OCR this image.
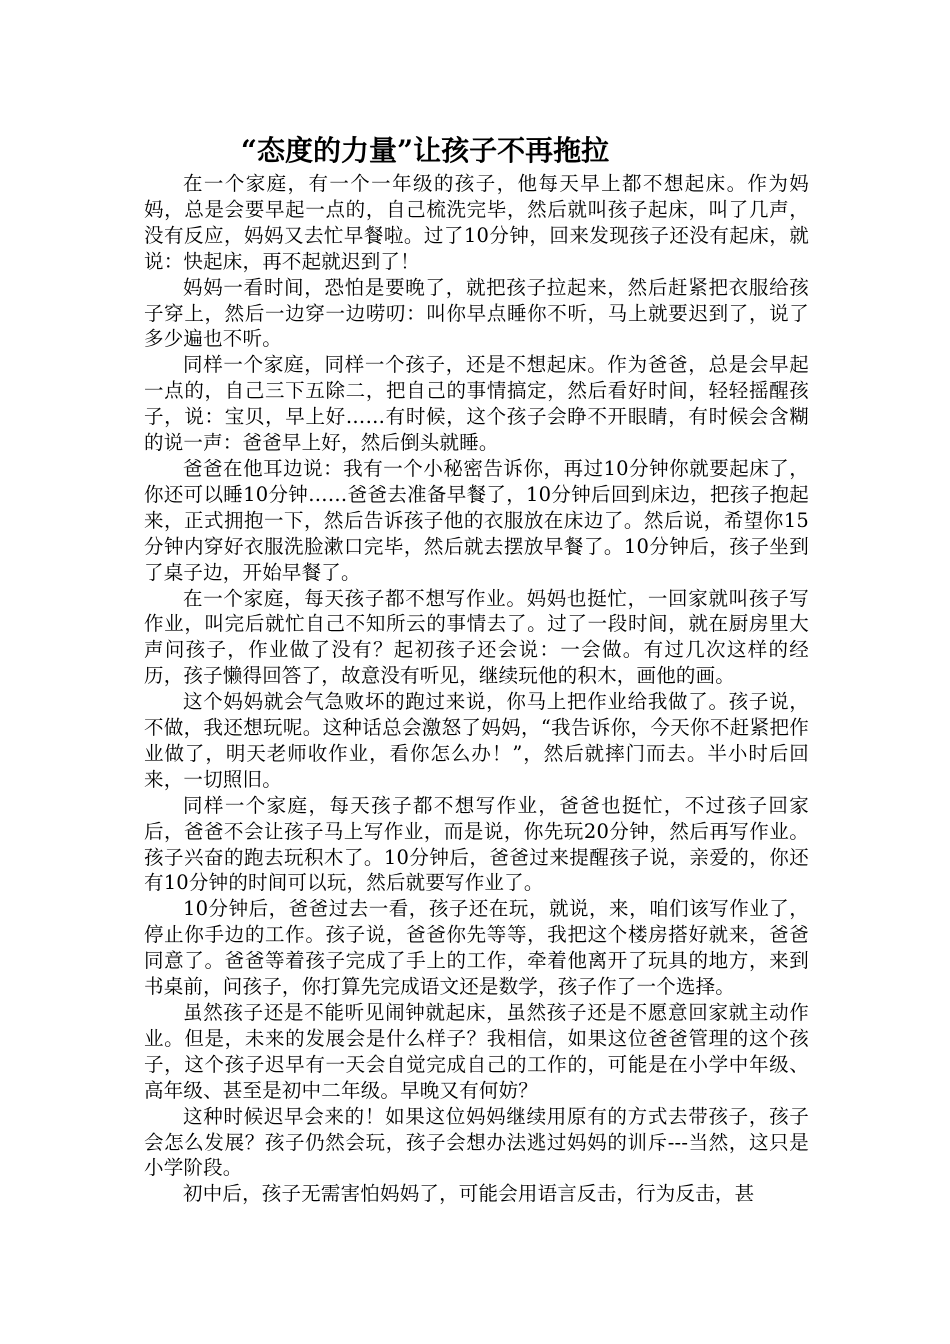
“态度的力量”让孩子不再拖拉

在一个家庭，有一个一年级的孩子，他每天早上都不想起床。作为妈妈，总是会要早起一点的，自己梳洗完毕，然后就叫孩子起床，叫了几声，没有反应，妈妈又去忙早餐啦。过了10分钟，回来发现孩子还没有起床，就说：快起床，再不起就迟到了！

妈妈一看时间，恐怕是要晚了，就把孩子拉起来，然后赶紧把衣服给孩子穿上，然后一边穿一边唠叨：叫你早点睡你不听，马上就要迟到了，说了多少遍也不听。

同样一个家庭，同样一个孩子，还是不想起床。作为爸爸，总是会早起一点的，自己三下五除二，把自己的事情搞定，然后看好时间，轻轻摇醒孩子，说：宝贝，早上好……有时候，这个孩子会睁不开眼睛，有时候会含糊的说一声：爸爸早上好，然后倒头就睡。

爸爸在他耳边说：我有一个小秘密告诉你，再过10分钟你就要起床了，你还可以睡10分钟……爸爸去准备早餐了，10分钟后回到床边，把孩子抱起来，正式拥抱一下，然后告诉孩子他的衣服放在床边了。然后说，希望你15分钟内穿好衣服洗脸漱口完毕，然后就去摆放早餐了。10分钟后，孩子坐到了桌子边，开始早餐了。

在一个家庭，每天孩子都不想写作业。妈妈也挺忙，一回家就叫孩子写作业，叫完后就忙自己不知所云的事情去了。过了一段时间，就在厨房里大声问孩子，作业做了没有？起初孩子还会说：一会做。有过几次这样的经历，孩子懒得回答了，故意没有听见，继续玩他的积木，画他的画。

这个妈妈就会气急败坏的跑过来说，你马上把作业给我做了。孩子说，不做，我还想玩呢。这种话总会激怒了妈妈，“我告诉你，今天你不赶紧把作业做了，明天老师收作业，看你怎么办！”，然后就摔门而去。半小时后回来，一切照旧。

同样一个家庭，每天孩子都不想写作业，爸爸也挺忙，不过孩子回家后，爸爸不会让孩子马上写作业，而是说，你先玩20分钟，然后再写作业。孩子兴奋的跑去玩积木了。10分钟后，爸爸过来提醒孩子说，亲爱的，你还有10分钟的时间可以玩，然后就要写作业了。

10分钟后，爸爸过去一看，孩子还在玩，就说，来，咱们该写作业了，停止你手边的工作。孩子说，爸爸你先等等，我把这个楼房搭好就来，爸爸同意了。爸爸等着孩子完成了手上的工作，牵着他离开了玩具的地方，来到书桌前，问孩子，你打算先完成语文还是数学，孩子作了一个选择。

虽然孩子还是不能听见闹钟就起床，虽然孩子还是不愿意回家就主动作业。但是，未来的发展会是什么样子？我相信，如果这位爸爸管理的这个孩子，这个孩子迟早有一天会自觉完成自己的工作的，可能是在小学中年级、高年级、甚至是初中二年级。早晚又有何妨？

这种时候迟早会来的！如果这位妈妈继续用原有的方式去带孩子，孩子会怎么发展？孩子仍然会玩，孩子会想办法逃过妈妈的训斥---当然，这只是小学阶段。

初中后，孩子无需害怕妈妈了，可能会用语言反击，行为反击，甚
